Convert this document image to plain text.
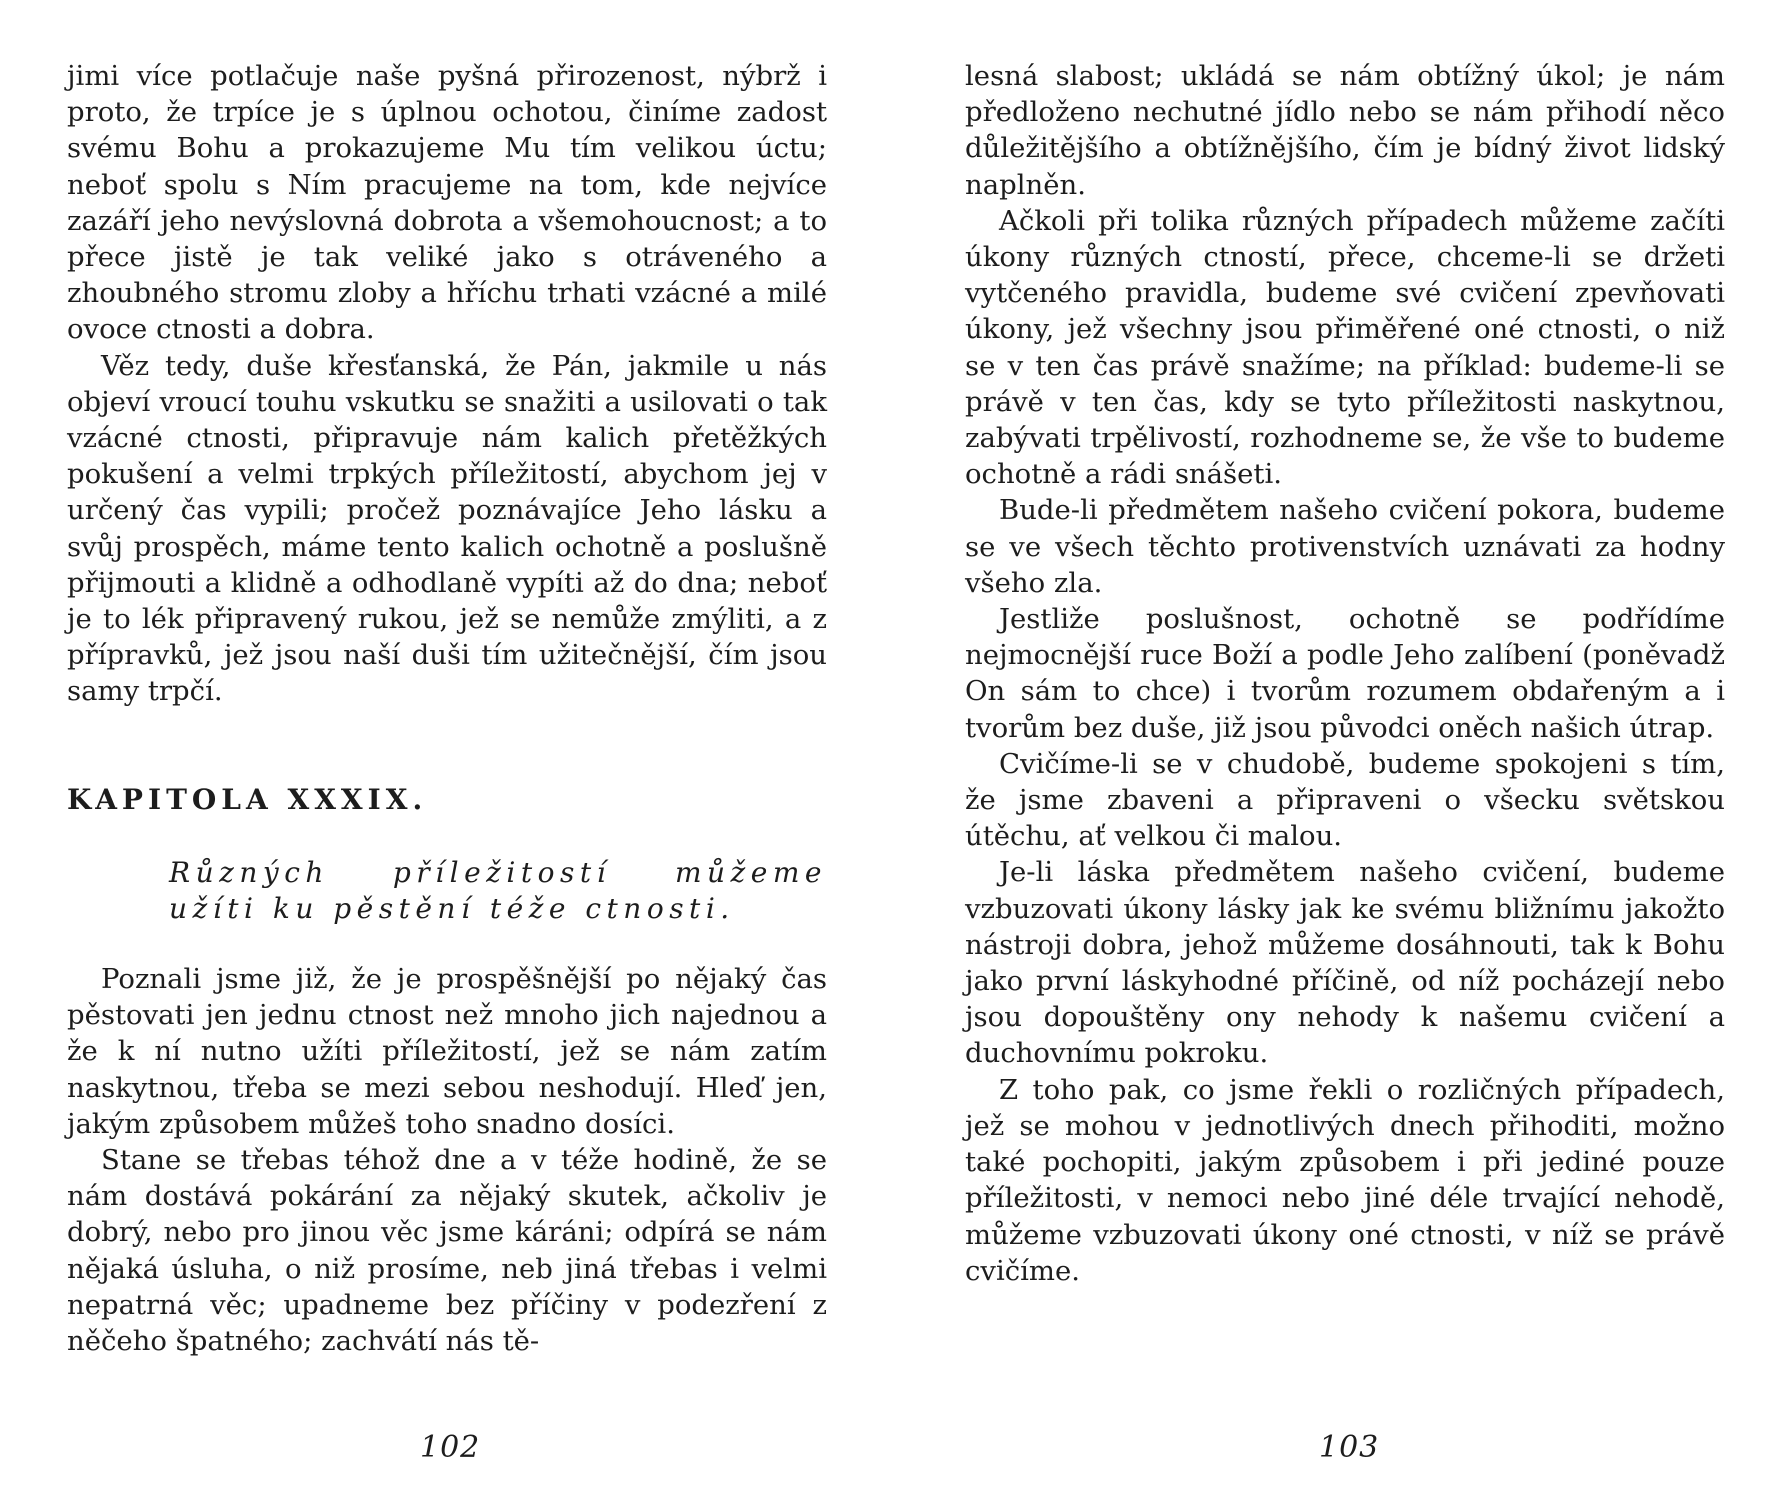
jimi více potlačuje naše pyšná přirozenost, nýbrž i proto, že trpíce je s úplnou ochotou, činíme zadost svému Bohu a prokazujeme Mu tím velikou úctu; neboť spolu s Ním pracujeme na tom, kde nejvíce zazáří jeho nevýslovná dobrota a všemohoucnost; a to přece jistě je tak veliké jako s otráveného a zhoubného stromu zloby a hříchu trhati vzácné a milé ovoce ctnosti a dobra.

Věz tedy, duše křesťanská, že Pán, jakmile u nás objeví vroucí touhu vskutku se snažiti a usilovati o tak vzácné ctnosti, připravuje nám kalich přetěžkých pokušení a velmi trpkých příležitostí, abychom jej v určený čas vypili; pročež poznávajíce Jeho lásku a svůj prospěch, máme tento kalich ochotně a poslušně přijmouti a klidně a odhodlaně vypíti až do dna; neboť je to lék připravený rukou, jež se nemůže zmýliti, a z přípravků, jež jsou naší duši tím užitečnější, čím jsou samy trpčí.

KAPITOLA XXXIX.

Různých příležitostí můžeme
užíti ku pěstění téže ctnosti.

Poznali jsme již, že je prospěšnější po nějaký čas pěstovati jen jednu ctnost než mnoho jich najednou a že k ní nutno užíti příležitostí, jež se nám zatím naskytnou, třeba se mezi sebou neshodují. Hleď jen, jakým způsobem můžeš toho snadno dosíci.

Stane se třebas téhož dne a v téže hodině, že se nám dostává pokárání za nějaký skutek, ačkoliv je dobrý, nebo pro jinou věc jsme káráni; odpírá se nám nějaká úsluha, o niž prosíme, neb jiná třebas i velmi nepatrná věc; upadneme bez příčiny v podezření z něčeho špatného; zachvátí nás tě-

lesná slabost; ukládá se nám obtížný úkol; je nám předloženo nechutné jídlo nebo se nám přihodí něco důležitějšího a obtížnějšího, čím je bídný život lidský naplněn.

Ačkoli při tolika různých případech můžeme začíti úkony různých ctností, přece, chceme-li se držeti vytčeného pravidla, budeme své cvičení zpevňovati úkony, jež všechny jsou přiměřené oné ctnosti, o niž se v ten čas právě snažíme; na příklad: budeme-li se právě v ten čas, kdy se tyto příležitosti naskytnou, zabývati trpělivostí, rozhodneme se, že vše to budeme ochotně a rádi snášeti.

Bude-li předmětem našeho cvičení pokora, budeme se ve všech těchto protivenstvích uznávati za hodny všeho zla.

Jestliže poslušnost, ochotně se podřídíme nejmocnější ruce Boží a podle Jeho zalíbení (poněvadž On sám to chce) i tvorům rozumem obdařeným a i tvorům bez duše, již jsou původci oněch našich útrap.

Cvičíme-li se v chudobě, budeme spokojeni s tím, že jsme zbaveni a připraveni o všecku světskou útěchu, ať velkou či malou.

Je-li láska předmětem našeho cvičení, budeme vzbuzovati úkony lásky jak ke svému bližnímu jakožto nástroji dobra, jehož můžeme dosáhnouti, tak k Bohu jako první láskyhodné příčině, od níž pocházejí nebo jsou dopouštěny ony nehody k našemu cvičení a duchovnímu pokroku.

Z toho pak, co jsme řekli o rozličných případech, jež se mohou v jednotlivých dnech přihoditi, možno také pochopiti, jakým způsobem i při jediné pouze příležitosti, v nemoci nebo jiné déle trvající nehodě, můžeme vzbuzovati úkony oné ctnosti, v níž se právě cvičíme.

102	103
